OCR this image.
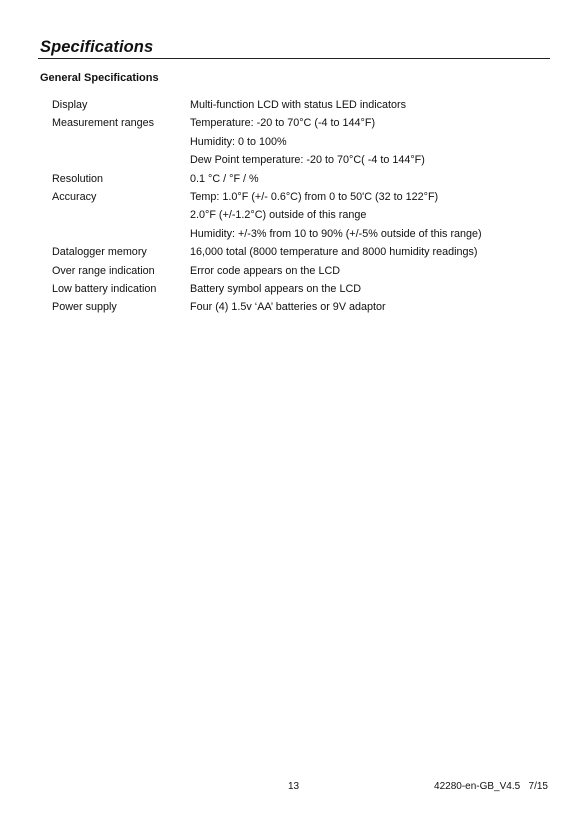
Specifications
General Specifications
Display	Multi-function LCD with status LED indicators
Measurement ranges	Temperature: -20 to 70°C (-4 to 144°F)
Humidity: 0 to 100%
Dew Point temperature: -20 to 70°C( -4 to 144°F)
Resolution	0.1 °C / °F / %
Accuracy	Temp: 1.0°F (+/- 0.6°C) from 0 to 50'C (32 to 122°F)
2.0°F (+/-1.2°C) outside of this range
Humidity: +/-3% from 10 to 90% (+/-5% outside of this range)
Datalogger memory	16,000 total (8000 temperature and 8000 humidity readings)
Over range indication	Error code appears on the LCD
Low battery indication	Battery symbol appears on the LCD
Power supply	Four (4) 1.5v ‘AA’ batteries or 9V adaptor
13	42280-en-GB_V4.5   7/15
